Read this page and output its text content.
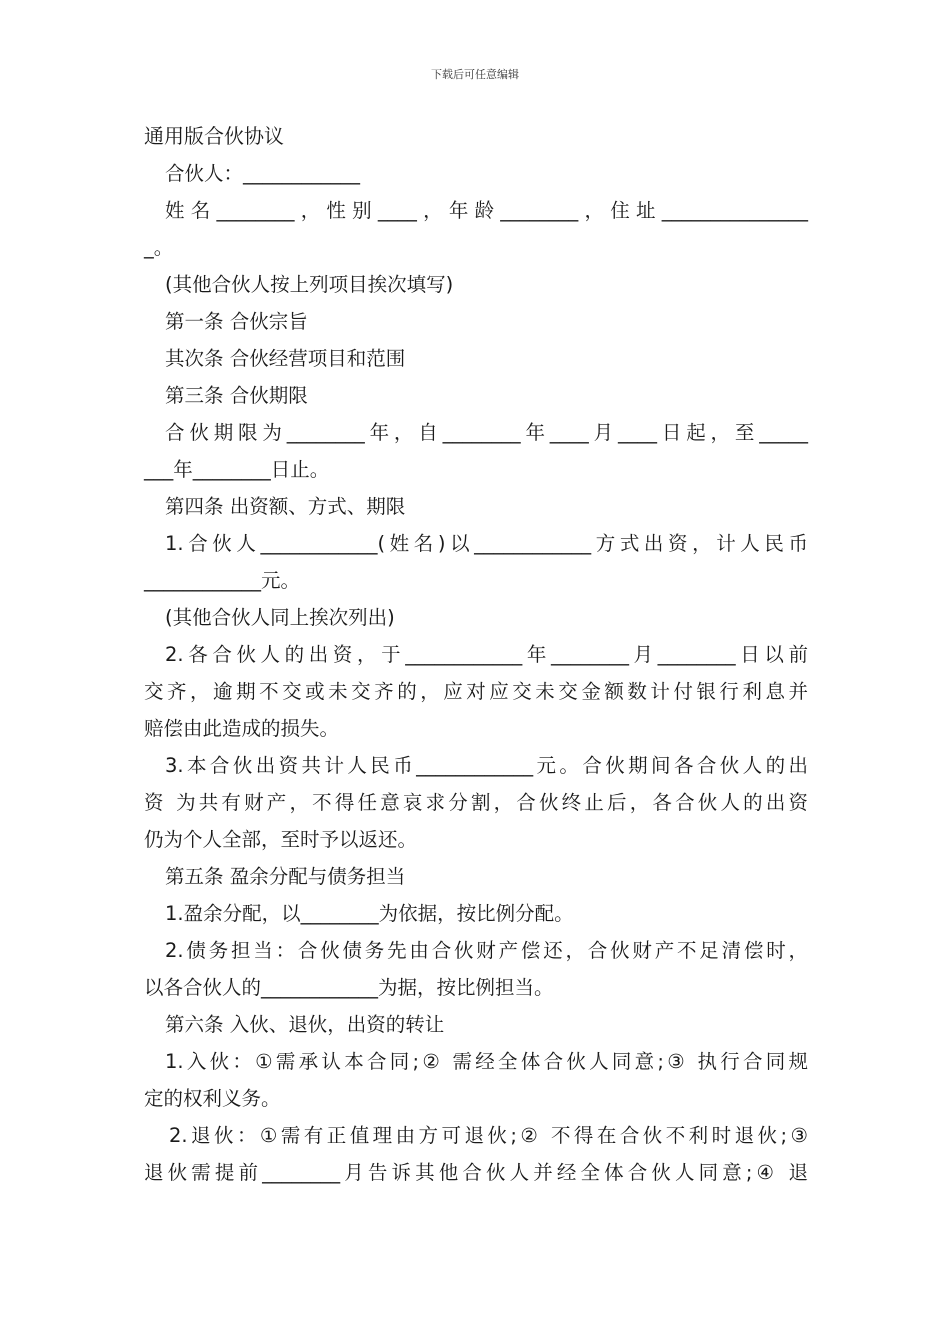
下载后可任意编辑

通用版合伙协议

合伙人：____________

姓名________，性别____，年龄________，住址_______________

_。

(其他合伙人按上列项目挨次填写)

第一条 合伙宗旨

其次条 合伙经营项目和范围

第三条 合伙期限

合伙期限为________年，自________年____月____日起，至_____

___年________日止。

第四条 出资额、方式、期限

1.合伙人____________(姓名)以____________方式出资，计人民币

____________元。

(其他合伙人同上挨次列出)

2.各合伙人的出资，于____________年________月________日以前

交齐，逾期不交或未交齐的，应对应交未交金额数计付银行利息并

赔偿由此造成的损失。

3.本合伙出资共计人民币____________元。合伙期间各合伙人的出

资 为共有财产，不得任意哀求分割，合伙终止后，各合伙人的出资

仍为个人全部，至时予以返还。

第五条 盈余分配与债务担当

1.盈余分配，以________为依据，按比例分配。

2.债务担当：合伙债务先由合伙财产偿还，合伙财产不足清偿时，

以各合伙人的____________为据，按比例担当。

第六条 入伙、退伙，出资的转让

1.入伙：①需承认本合同;② 需经全体合伙人同意;③ 执行合同规

定的权利义务。

2.退伙：①需有正值理由方可退伙;② 不得在合伙不利时退伙;③

退伙需提前________月告诉其他合伙人并经全体合伙人同意;④ 退
